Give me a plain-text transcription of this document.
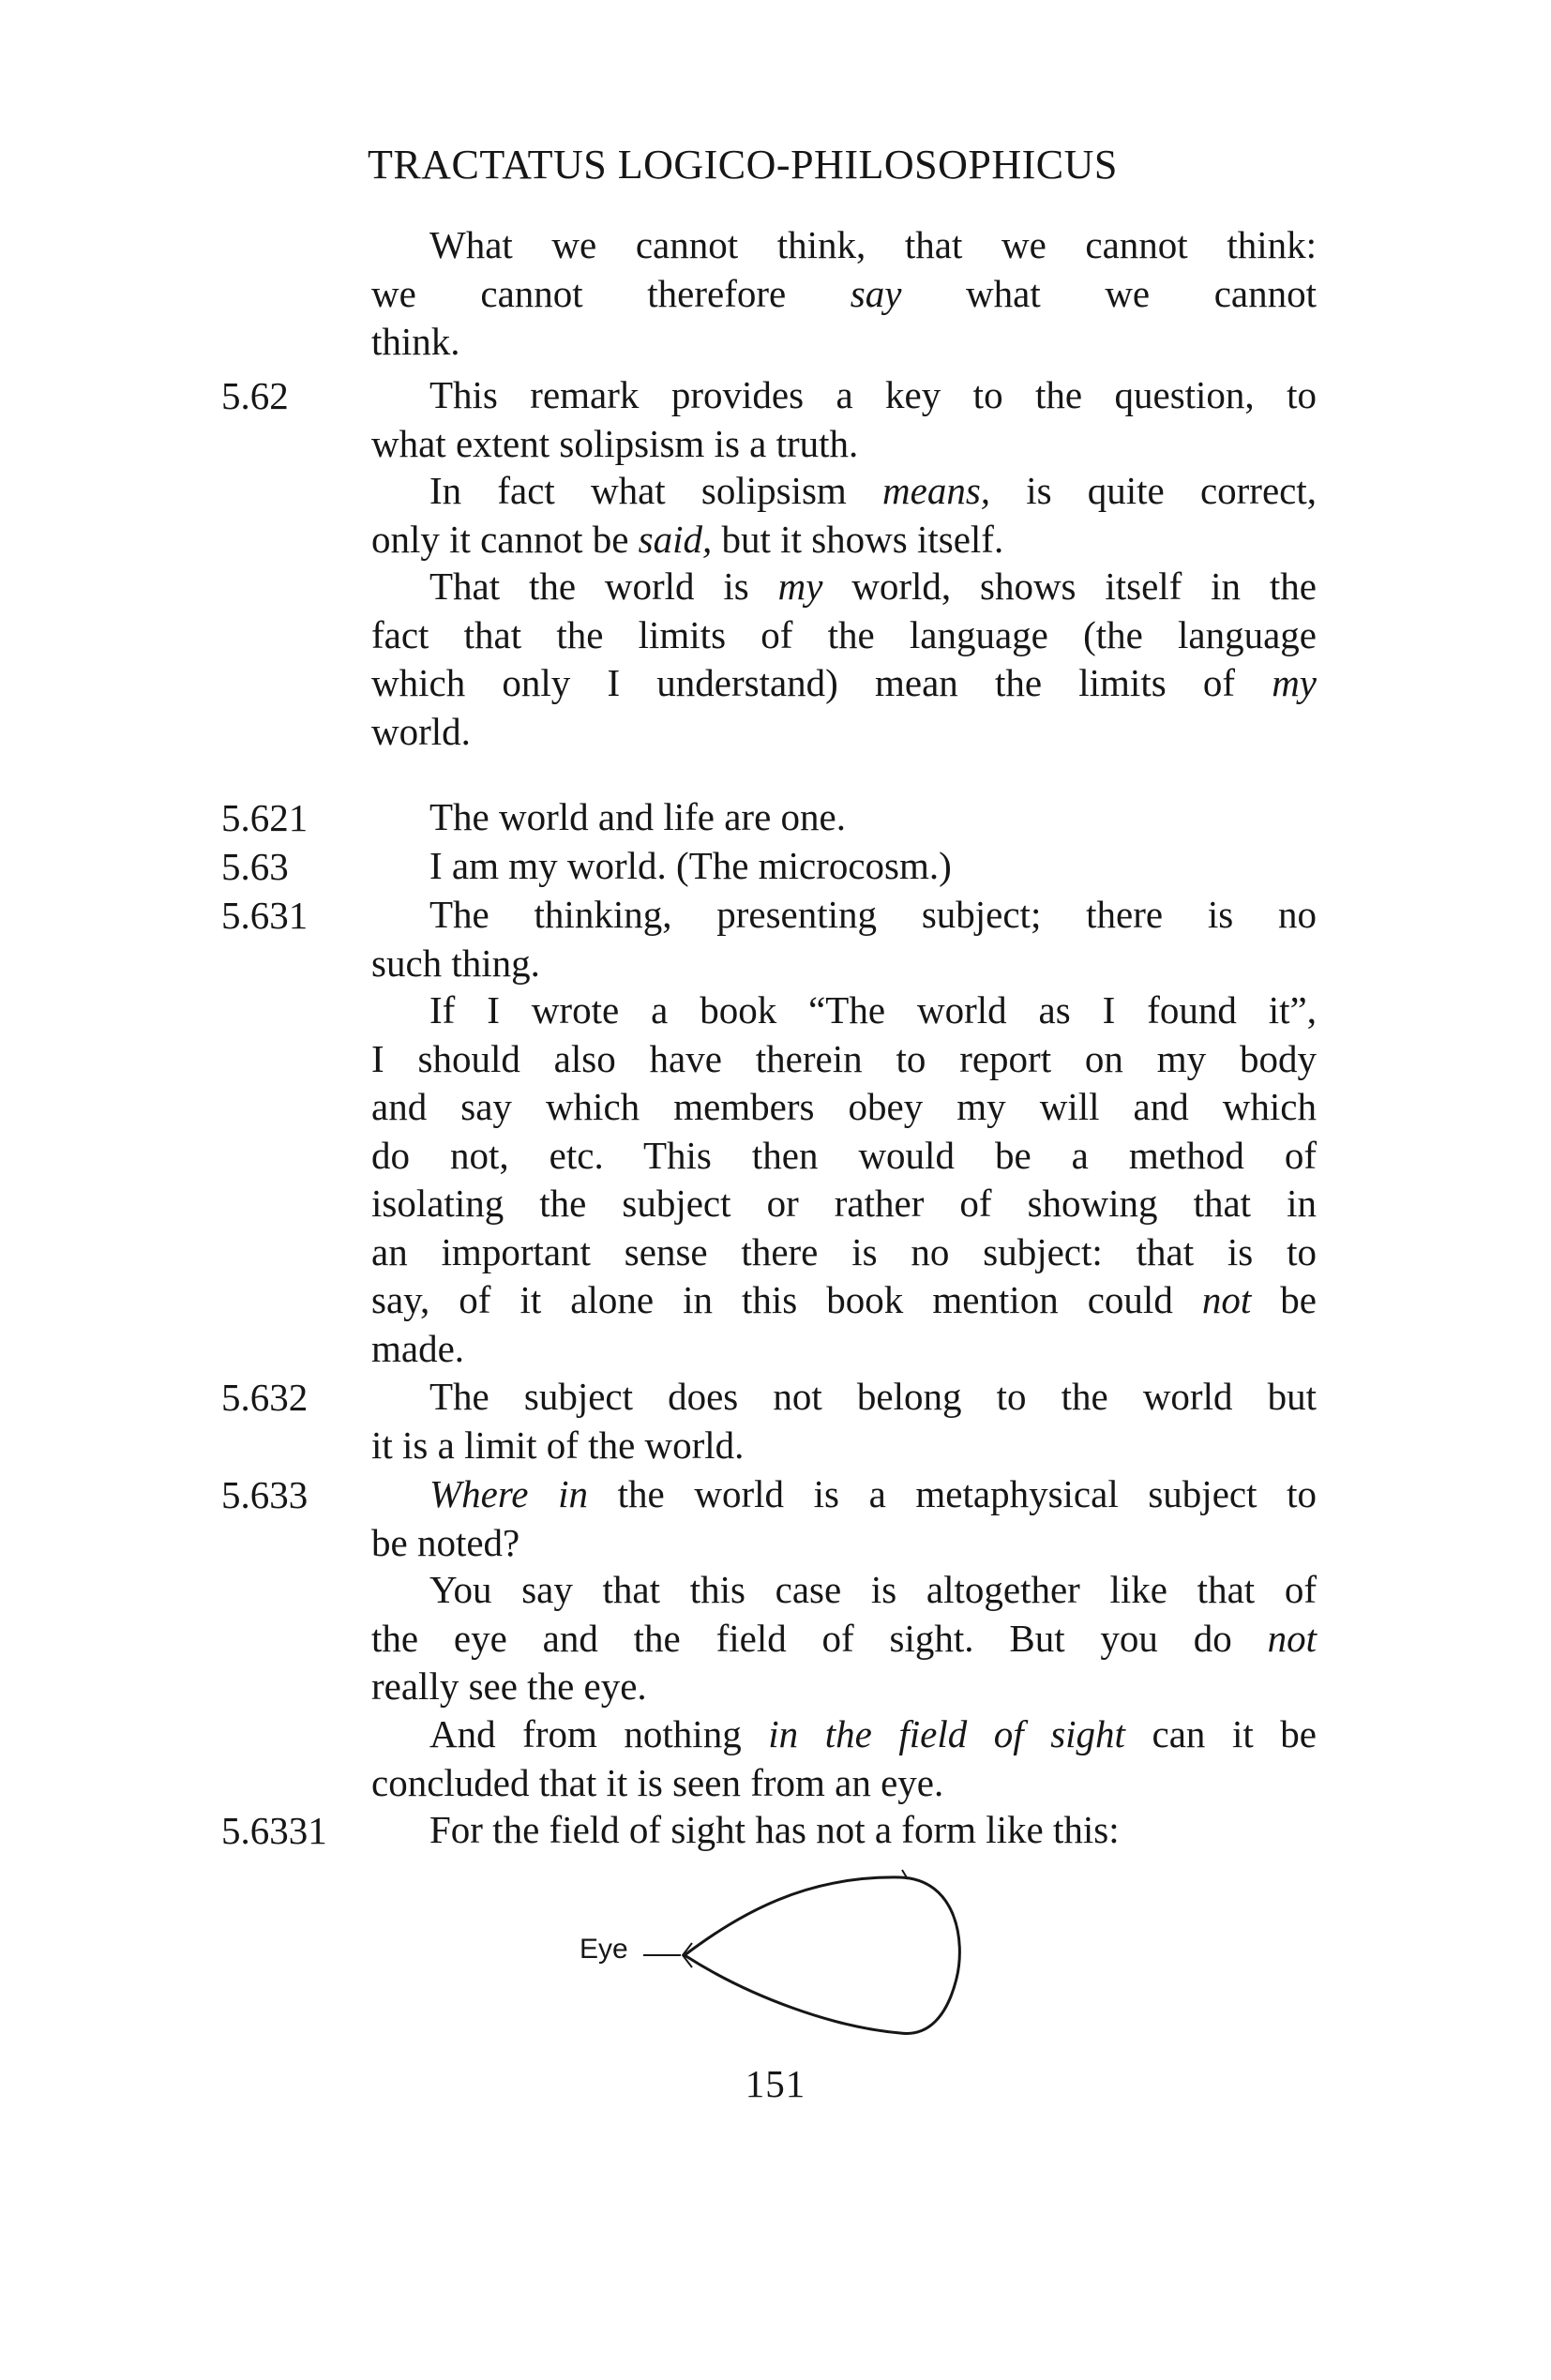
TRACTATUS LOGICO-PHILOSOPHICUS

What we cannot think, that we cannot think:
we cannot therefore say what we cannot
think.

5.62	This remark provides a key to the question, to
what extent solipsism is a truth.

In fact what solipsism means, is quite correct,
only it cannot be said, but it shows itself.

That the world is my world, shows itself in the
fact that the limits of the language (the language
which only I understand) mean the limits of my
world.

5.621	The world and life are one.

5.63	I am my world. (The microcosm.)

5.631	The thinking, presenting subject; there is no
such thing.

If I wrote a book “The world as I found it”,
I should also have therein to report on my body
and say which members obey my will and which
do not, etc. This then would be a method of
isolating the subject or rather of showing that in
an important sense there is no subject: that is to
say, of it alone in this book mention could not be
made.

5.632	The subject does not belong to the world but
it is a limit of the world.

5.633	Where in the world is a metaphysical subject to
be noted?

You say that this case is altogether like that of
the eye and the field of sight. But you do not
really see the eye.

And from nothing in the field of sight can it be
concluded that it is seen from an eye.

5.6331	For the field of sight has not a form like this:

Eye
151
